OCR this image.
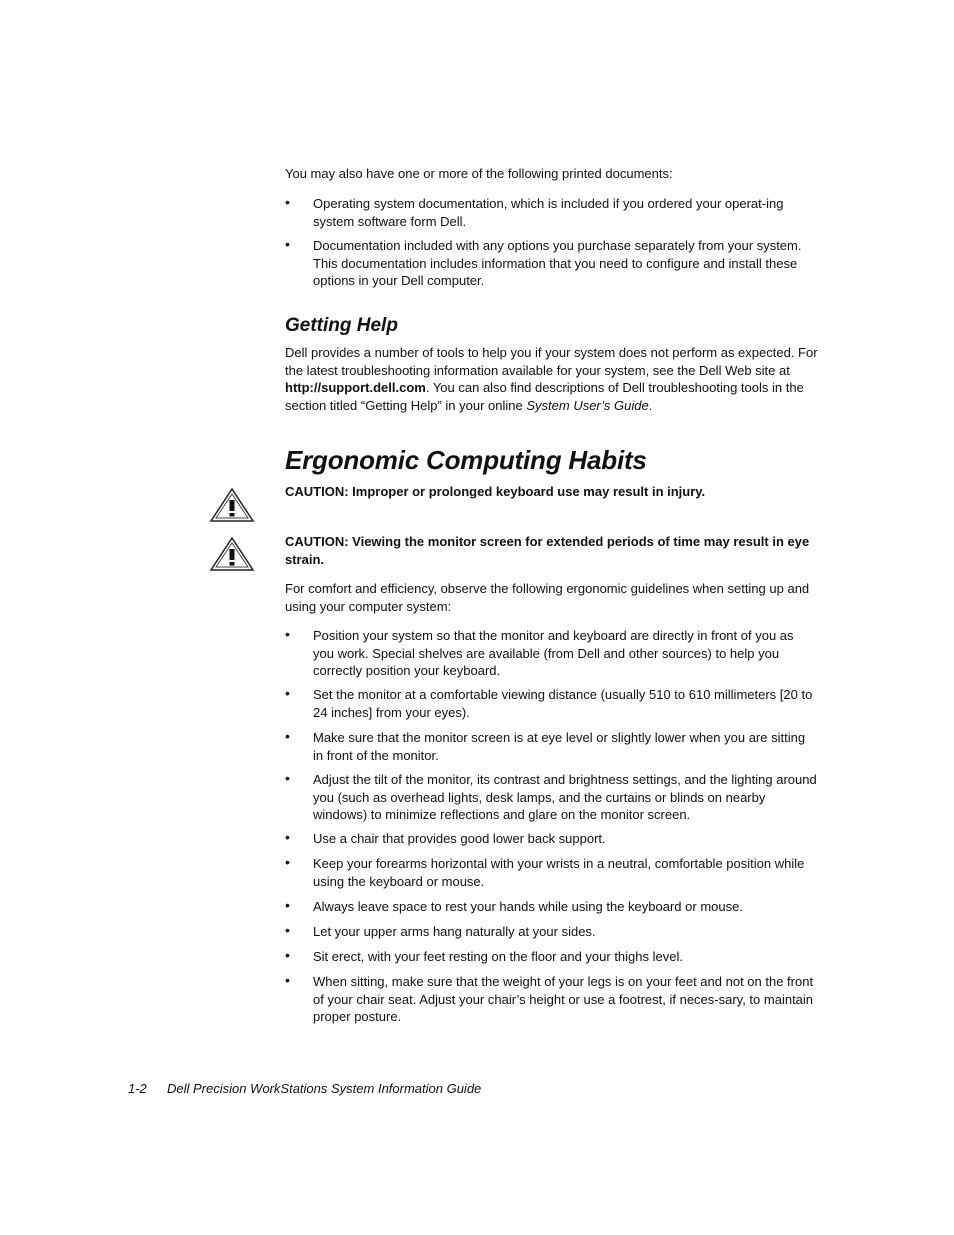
You may also have one or more of the following printed documents:

• Operating system documentation, which is included if you ordered your operat-ing system software form Dell.
• Documentation included with any options you purchase separately from your system. This documentation includes information that you need to configure and install these options in your Dell computer.
Getting Help

Dell provides a number of tools to help you if your system does not perform as expected. For the latest troubleshooting information available for your system, see the Dell Web site at http://support.dell.com. You can also find descriptions of Dell troubleshooting tools in the section titled “Getting Help” in your online System User’s Guide.

Ergonomic Computing Habits

CAUTION: Improper or prolonged keyboard use may result in injury.

CAUTION: Viewing the monitor screen for extended periods of time may result in eye strain.

For comfort and efficiency, observe the following ergonomic guidelines when setting up and using your computer system:

• Position your system so that the monitor and keyboard are directly in front of you as you work. Special shelves are available (from Dell and other sources) to help you correctly position your keyboard.
• Set the monitor at a comfortable viewing distance (usually 510 to 610 millimeters [20 to 24 inches] from your eyes).
• Make sure that the monitor screen is at eye level or slightly lower when you are sitting in front of the monitor.
• Adjust the tilt of the monitor, its contrast and brightness settings, and the lighting around you (such as overhead lights, desk lamps, and the curtains or blinds on nearby windows) to minimize reflections and glare on the monitor screen.
• Use a chair that provides good lower back support.
• Keep your forearms horizontal with your wrists in a neutral, comfortable position while using the keyboard or mouse.
• Always leave space to rest your hands while using the keyboard or mouse.
• Let your upper arms hang naturally at your sides.
• Sit erect, with your feet resting on the floor and your thighs level.
• When sitting, make sure that the weight of your legs is on your feet and not on the front of your chair seat. Adjust your chair’s height or use a footrest, if neces-sary, to maintain proper posture.
1-2 Dell Precision WorkStations System Information Guide
